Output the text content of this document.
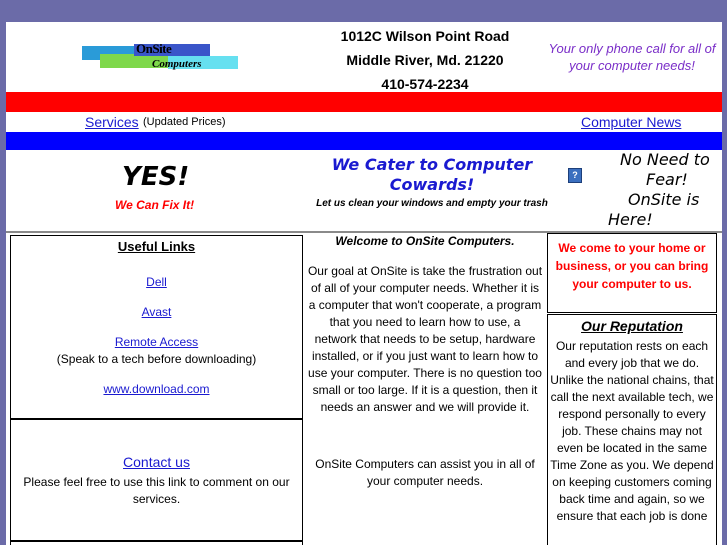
OnSite
Computers
1012C Wilson Point Road
Middle River, Md. 21220
410-574-2234
Your only phone call for all of your computer needs!
Services (Updated Prices)	Computer News
YES!
We Can Fix It!
We Cater to Computer Cowards!
Let us clean your windows and empty your trash
?
No Need to
Fear!
OnSite is
Here!
Useful Links
Dell
Avast
Remote Access
(Speak to a tech before downloading)
www.download.com
Contact us
Please feel free to use this link to comment on our services.
Welcome to OnSite Computers.
Our goal at OnSite is take the frustration out of all of your computer needs. Whether it is a computer that won't cooperate, a program that you need to learn how to use, a network that needs to be setup, hardware installed, or if you just want to learn how to use your computer. There is no question too small or too large. If it is a question, then it needs an answer and we will provide it.
OnSite Computers can assist you in all of your computer needs.
We come to your home or business, or you can bring your computer to us.
Our Reputation
Our reputation rests on each and every job that we do. Unlike the national chains, that call the next available tech, we respond personally to every job. These chains may not even be located in the same Time Zone as you. We depend on keeping customers coming back time and again, so we ensure that each job is done
